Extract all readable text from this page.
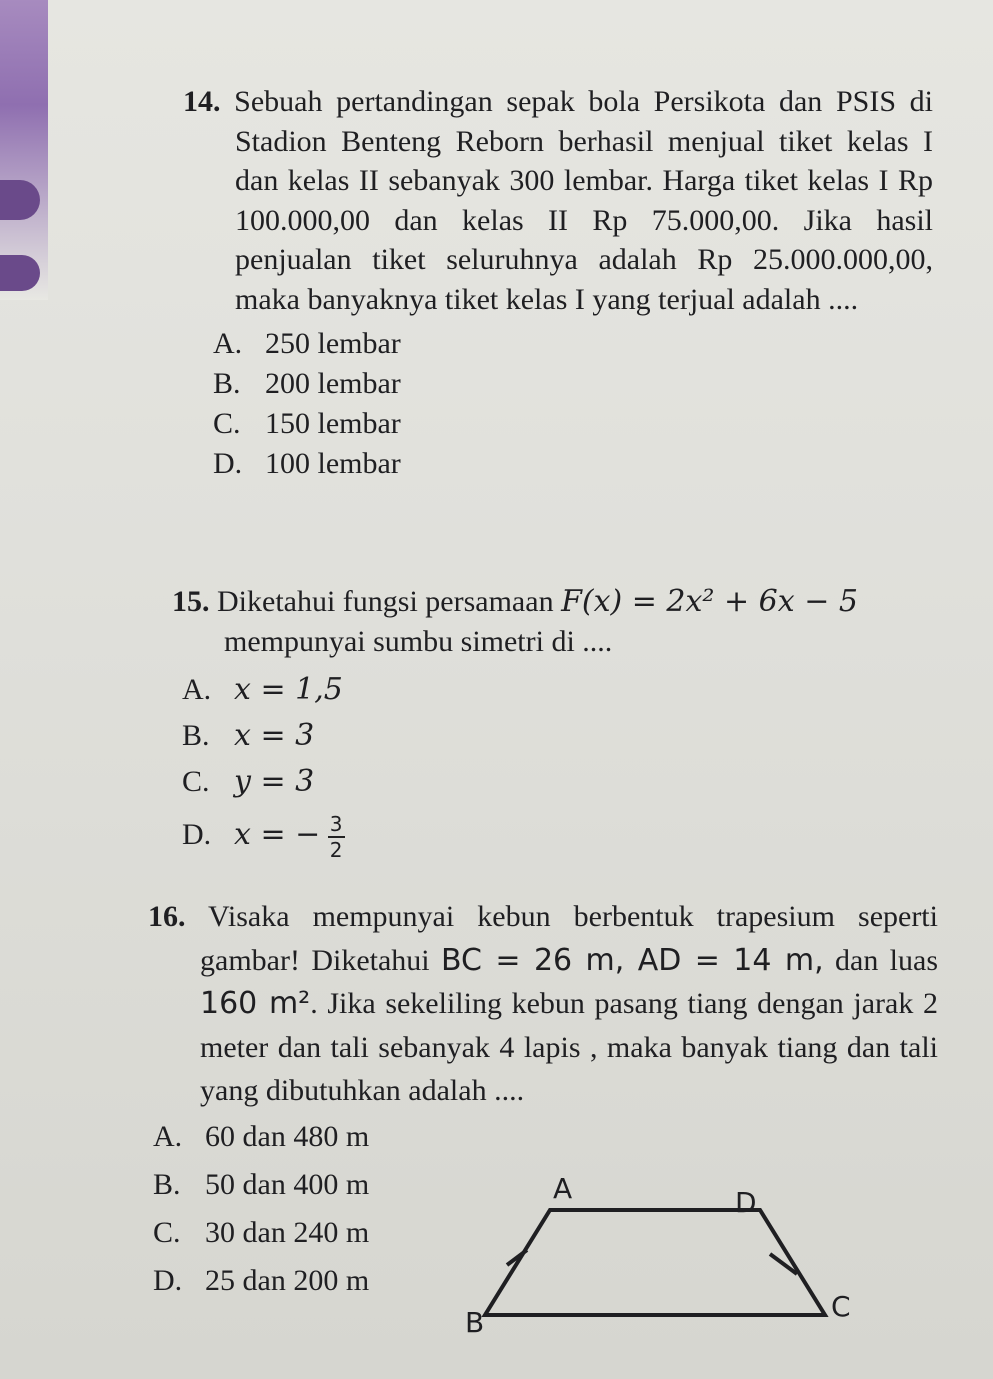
14. Sebuah pertandingan sepak bola Persikota dan PSIS di Stadion Benteng Reborn berhasil menjual tiket kelas I dan kelas II sebanyak 300 lembar. Harga tiket kelas I Rp 100.000,00 dan kelas II Rp 75.000,00. Jika hasil penjualan tiket seluruhnya adalah Rp 25.000.000,00, maka banyaknya tiket kelas I yang terjual adalah ....

A. 250 lembar
B. 200 lembar
C. 150 lembar
D. 100 lembar

15. Diketahui fungsi persamaan F(x) = 2x² + 6x − 5
mempunyai sumbu simetri di ....

A. x = 1,5
B. x = 3
C. y = 3
D. x = − $\frac{3}{2}$

16. Visaka mempunyai kebun berbentuk trapesium seperti gambar! Diketahui BC = 26 m, AD = 14 m, dan luas 160 m². Jika sekeliling kebun pasang tiang dengan jarak 2 meter dan tali sebanyak 4 lapis , maka banyak tiang dan tali yang dibutuhkan adalah ....

A. 60 dan 480 m
B. 50 dan 400 m
C. 30 dan 240 m
D. 25 dan 200 m
A	D
B	C
